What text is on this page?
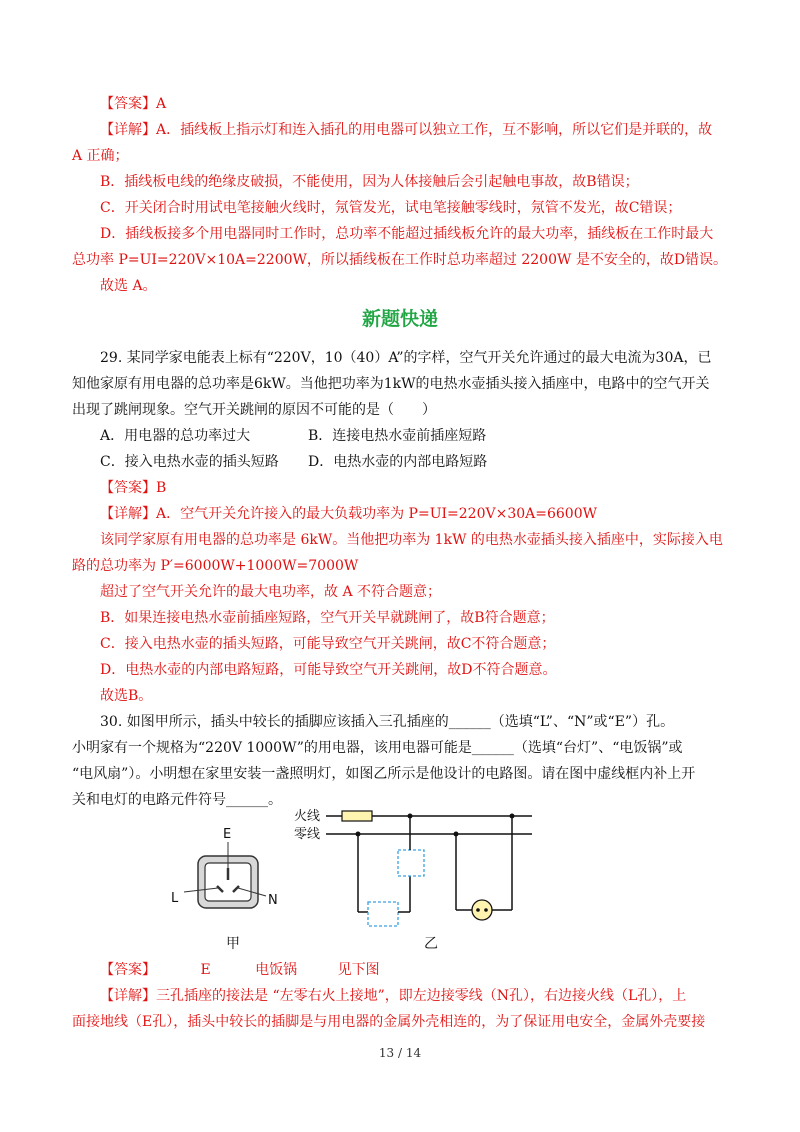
【答案】A
【详解】A．插线板上指示灯和连入插孔的用电器可以独立工作，互不影响，所以它们是并联的，故
A 正确；
B．插线板电线的绝缘皮破损，不能使用，因为人体接触后会引起触电事故，故B错误；
C．开关闭合时用试电笔接触火线时，氖管发光，试电笔接触零线时，氖管不发光，故C错误；
D．插线板接多个用电器同时工作时，总功率不能超过插线板允许的最大功率，插线板在工作时最大
总功率 P=UI=220V×10A=2200W，所以插线板在工作时总功率超过 2200W 是不安全的，故D错误。
故选 A。
新题快递
29. 某同学家电能表上标有“220V，10（40）A”的字样，空气开关允许通过的最大电流为30A，已
知他家原有用电器的总功率是6kW。当他把功率为1kW的电热水壶插头接入插座中，电路中的空气开关
出现了跳闸现象。空气开关跳闸的原因不可能的是（　　）
A．用电器的总功率过大	B．连接电热水壶前插座短路
C．接入电热水壶的插头短路 D．电热水壶的内部电路短路
【答案】B
【详解】A．空气开关允许接入的最大负载功率为 P=UI=220V×30A=6600W
该同学家原有用电器的总功率是 6kW。当他把功率为 1kW 的电热水壶插头接入插座中，实际接入电
路的总功率为 P′=6000W+1000W=7000W
超过了空气开关允许的最大电功率，故 A 不符合题意；
B．如果连接电热水壶前插座短路，空气开关早就跳闸了，故B符合题意；
C．接入电热水壶的插头短路，可能导致空气开关跳闸，故C不符合题意；
D．电热水壶的内部电路短路，可能导致空气开关跳闸，故D不符合题意。
故选B。
30. 如图甲所示，插头中较长的插脚应该插入三孔插座的______（选填“L”、“N”或“E”）孔。
小明家有一个规格为“220V 1000W”的用电器，该用电器可能是______（选填“台灯”、“电饭锅”或
“电风扇”）。小明想在家里安装一盏照明灯，如图乙所示是他设计的电路图。请在图中虚线框内补上开
关和电灯的电路元件符号______。
E
L	N
甲
火线
零线
乙
【答案】	E	电饭锅	见下图
【详解】三孔插座的接法是 “左零右火上接地”，即左边接零线（N孔），右边接火线（L孔），上
面接地线（E孔），插头中较长的插脚是与用电器的金属外壳相连的，为了保证用电安全，金属外壳要接
13 / 14
